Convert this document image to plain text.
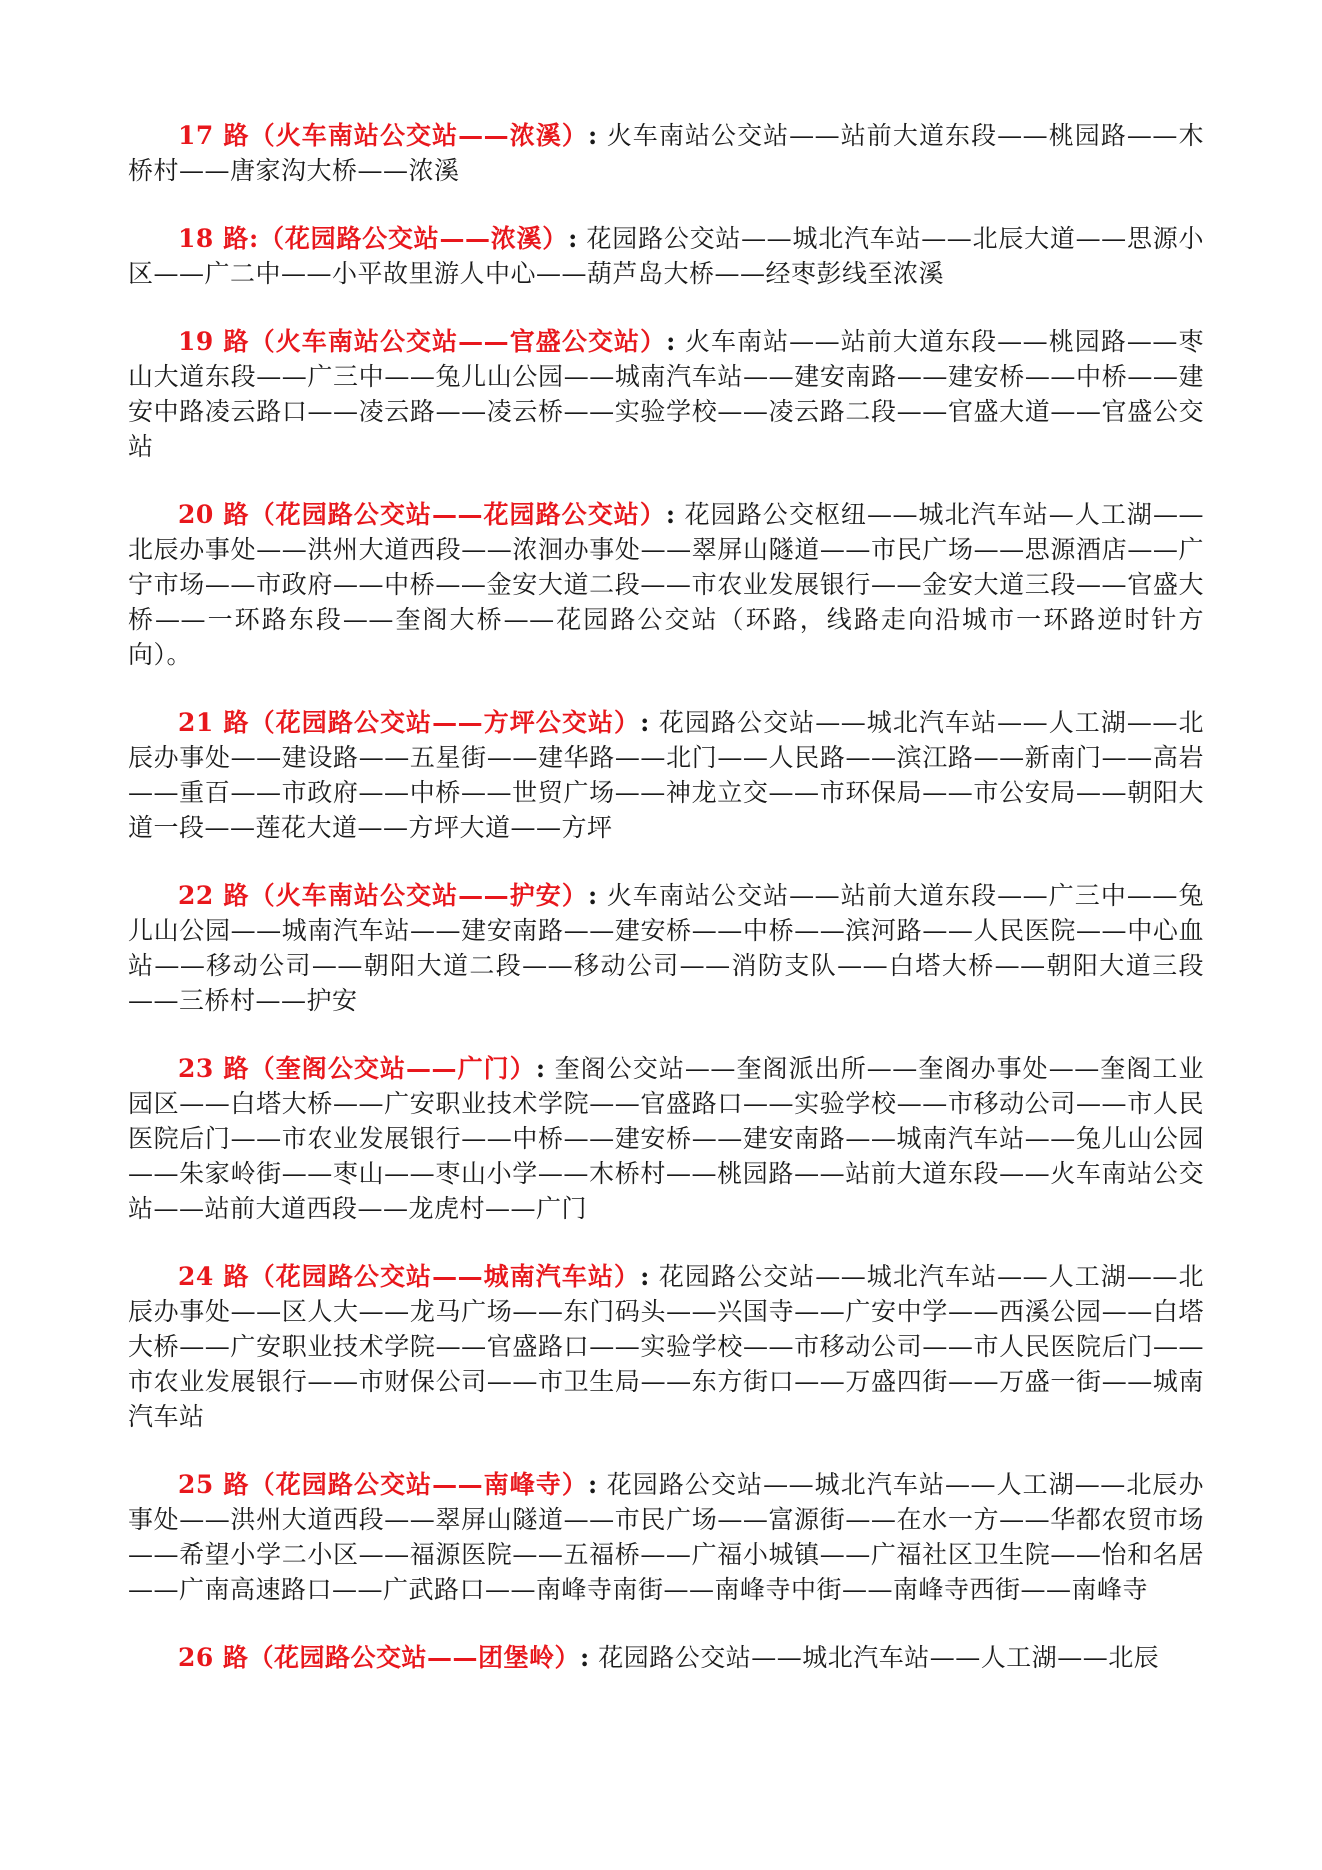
17 路（火车南站公交站——浓溪）: 火车南站公交站——站前大道东段——桃园路——木桥村——唐家沟大桥——浓溪

18 路:（花园路公交站——浓溪）: 花园路公交站——城北汽车站——北辰大道——思源小区——广二中——小平故里游人中心——葫芦岛大桥——经枣彭线至浓溪

19 路（火车南站公交站——官盛公交站）: 火车南站——站前大道东段——桃园路——枣山大道东段——广三中——兔儿山公园——城南汽车站——建安南路——建安桥——中桥——建安中路凌云路口——凌云路——凌云桥——实验学校——凌云路二段——官盛大道——官盛公交站

20 路（花园路公交站——花园路公交站）: 花园路公交枢纽——城北汽车站—人工湖——北辰办事处——洪州大道西段——浓洄办事处——翠屏山隧道——市民广场——思源酒店——广宁市场——市政府——中桥——金安大道二段——市农业发展银行——金安大道三段——官盛大桥——一环路东段——奎阁大桥——花园路公交站（环路，线路走向沿城市一环路逆时针方向）。

21 路（花园路公交站——方坪公交站）: 花园路公交站——城北汽车站——人工湖——北辰办事处——建设路——五星街——建华路——北门——人民路——滨江路——新南门——高岩——重百——市政府——中桥——世贸广场——神龙立交——市环保局——市公安局——朝阳大道一段——莲花大道——方坪大道——方坪

22 路（火车南站公交站——护安）: 火车南站公交站——站前大道东段——广三中——兔儿山公园——城南汽车站——建安南路——建安桥——中桥——滨河路——人民医院——中心血站——移动公司——朝阳大道二段——移动公司——消防支队——白塔大桥——朝阳大道三段——三桥村——护安

23 路（奎阁公交站——广门）: 奎阁公交站——奎阁派出所——奎阁办事处——奎阁工业园区——白塔大桥——广安职业技术学院——官盛路口——实验学校——市移动公司——市人民医院后门——市农业发展银行——中桥——建安桥——建安南路——城南汽车站——兔儿山公园——朱家岭街——枣山——枣山小学——木桥村——桃园路——站前大道东段——火车南站公交站——站前大道西段——龙虎村——广门

24 路（花园路公交站——城南汽车站）: 花园路公交站——城北汽车站——人工湖——北辰办事处——区人大——龙马广场——东门码头——兴国寺——广安中学——西溪公园——白塔大桥——广安职业技术学院——官盛路口——实验学校——市移动公司——市人民医院后门——市农业发展银行——市财保公司——市卫生局——东方街口——万盛四街——万盛一街——城南汽车站

25 路（花园路公交站——南峰寺）: 花园路公交站——城北汽车站——人工湖——北辰办事处——洪州大道西段——翠屏山隧道——市民广场——富源街——在水一方——华都农贸市场——希望小学二小区——福源医院——五福桥——广福小城镇——广福社区卫生院——怡和名居——广南高速路口——广武路口——南峰寺南街——南峰寺中街——南峰寺西街——南峰寺

26 路（花园路公交站——团堡岭）: 花园路公交站——城北汽车站——人工湖——北辰
